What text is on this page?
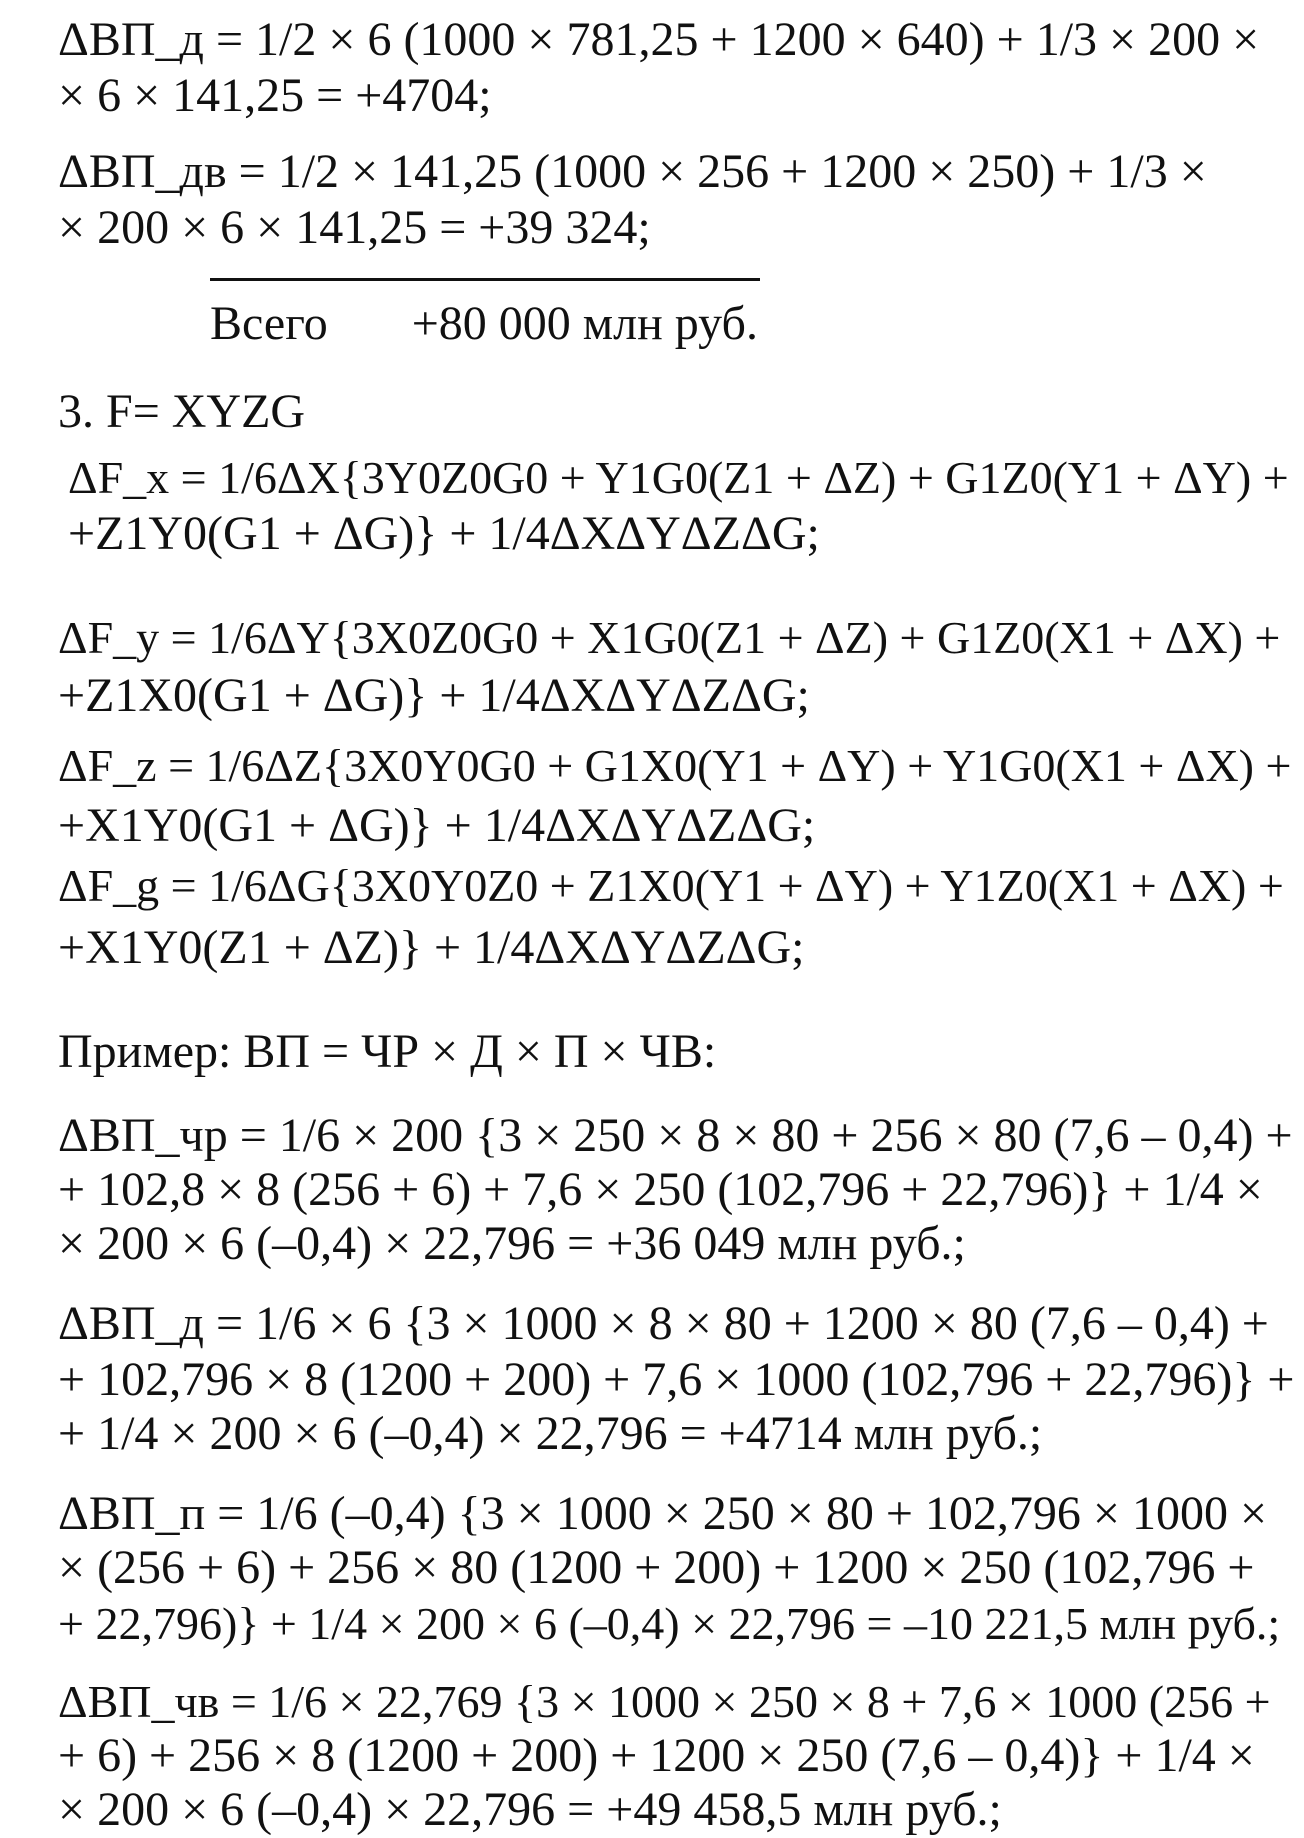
ΔВП_д = 1/2 × 6 (1000 × 781,25 + 1200 × 640) + 1/3 × 200 ×
× 6 × 141,25 = +4704;
ΔВП_дв = 1/2 × 141,25 (1000 × 256 + 1200 × 250) + 1/3 ×
× 200 × 6 × 141,25 = +39 324;
Всего       +80 000 млн руб.
3. F= XYZG
ΔF_x = 1/6ΔX{3Y0Z0G0 + Y1G0(Z1 + ΔZ) + G1Z0(Y1 + ΔY) +
+Z1Y0(G1 + ΔG)} + 1/4ΔXΔYΔZΔG;
ΔF_y = 1/6ΔY{3X0Z0G0 + X1G0(Z1 + ΔZ) + G1Z0(X1 + ΔX) +
+Z1X0(G1 + ΔG)} + 1/4ΔXΔYΔZΔG;
ΔF_z = 1/6ΔZ{3X0Y0G0 + G1X0(Y1 + ΔY) + Y1G0(X1 + ΔX) +
+X1Y0(G1 + ΔG)} + 1/4ΔXΔYΔZΔG;
ΔF_g = 1/6ΔG{3X0Y0Z0 + Z1X0(Y1 + ΔY) + Y1Z0(X1 + ΔX) +
+X1Y0(Z1 + ΔZ)} + 1/4ΔXΔYΔZΔG;
Пример: ВП = ЧР × Д × П × ЧВ:
ΔВП_чр = 1/6 × 200 {3 × 250 × 8 × 80 + 256 × 80 (7,6 – 0,4) +
+ 102,8 × 8 (256 + 6) + 7,6 × 250 (102,796 + 22,796)} + 1/4 ×
× 200 × 6 (–0,4) × 22,796 = +36 049 млн руб.;
ΔВП_д = 1/6 × 6 {3 × 1000 × 8 × 80 + 1200 × 80 (7,6 – 0,4) +
+ 102,796 × 8 (1200 + 200) + 7,6 × 1000 (102,796 + 22,796)} +
+ 1/4 × 200 × 6 (–0,4) × 22,796 = +4714 млн руб.;
ΔВП_п = 1/6 (–0,4) {3 × 1000 × 250 × 80 + 102,796 × 1000 ×
× (256 + 6) + 256 × 80 (1200 + 200) + 1200 × 250 (102,796 +
+ 22,796)} + 1/4 × 200 × 6 (–0,4) × 22,796 = –10 221,5 млн руб.;
ΔВП_чв = 1/6 × 22,769 {3 × 1000 × 250 × 8 + 7,6 × 1000 (256 +
+ 6) + 256 × 8 (1200 + 200) + 1200 × 250 (7,6 – 0,4)} + 1/4 ×
× 200 × 6 (–0,4) × 22,796 = +49 458,5 млн руб.;
